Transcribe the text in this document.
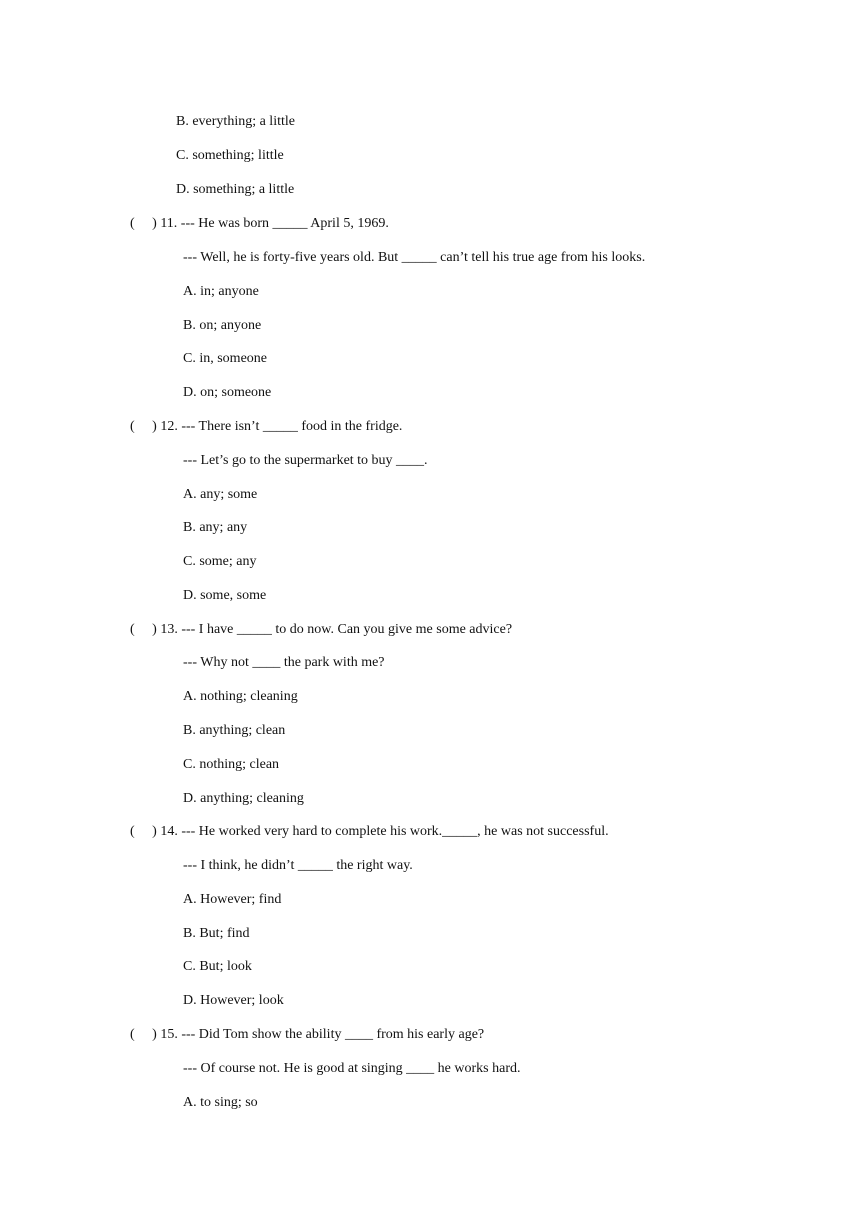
B. everything; a little
C. something; little
D. something; a little
(     ) 11. --- He was born _____ April 5, 1969.
--- Well, he is forty-five years old. But _____ can’t tell his true age from his looks.
A. in; anyone
B. on; anyone
C. in, someone
D. on; someone
(     ) 12. --- There isn’t _____ food in the fridge.
--- Let’s go to the supermarket to buy ____.
A. any; some
B. any; any
C. some; any
D. some, some
(     ) 13. --- I have _____ to do now. Can you give me some advice?
--- Why not ____ the park with me?
A. nothing; cleaning
B. anything; clean
C. nothing; clean
D. anything; cleaning
(     ) 14. --- He worked very hard to complete his work._____, he was not successful.
--- I think, he didn’t _____ the right way.
A. However; find
B. But; find
C. But; look
D. However; look
(     ) 15. --- Did Tom show the ability ____ from his early age?
--- Of course not. He is good at singing ____ he works hard.
A. to sing; so
